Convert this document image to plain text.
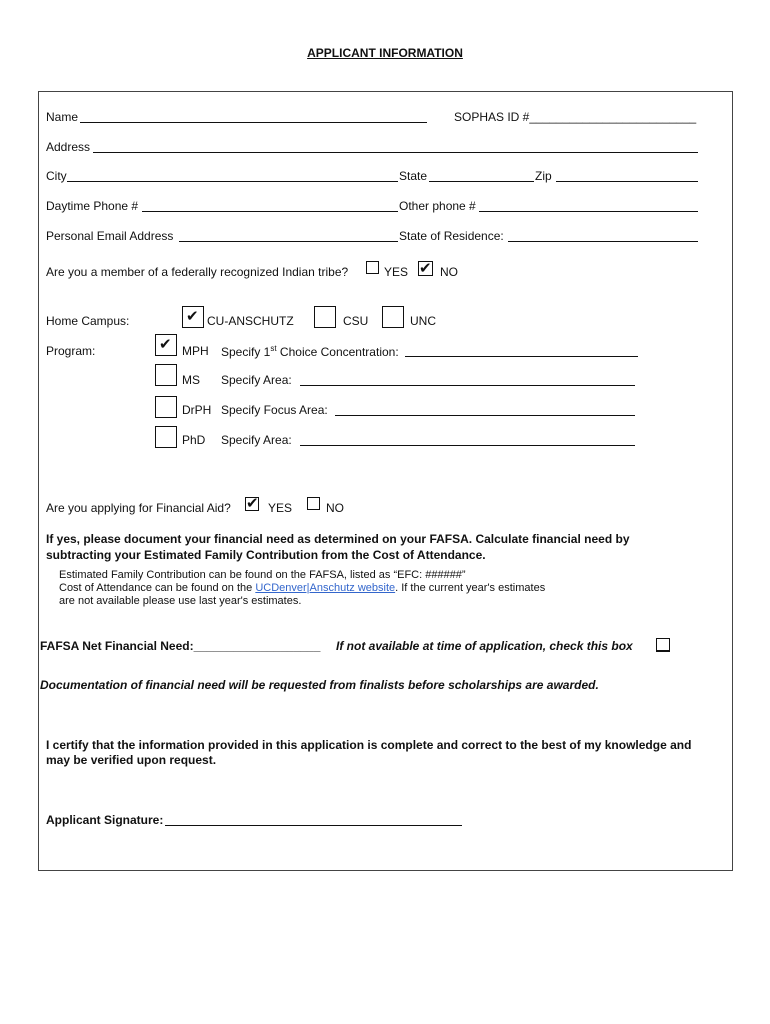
APPLICANT INFORMATION
Name	SOPHAS ID #_________________________
Address
City	State	Zip
Daytime Phone #	Other phone #
Personal Email Address	State of Residence:
Are you a member of a federally recognized Indian tribe?	YES ✔ NO
Home Campus:	✔ CU-ANSCHUTZ	CSU	UNC
Program:	✔ MPH Specify 1st Choice Concentration:
MS Specify Area:
DrPH Specify Focus Area:
PhD Specify Area:
Are you applying for Financial Aid? ✔ YES	NO
If yes, please document your financial need as determined on your FAFSA. Calculate financial need by
subtracting your Estimated Family Contribution from the Cost of Attendance.
Estimated Family Contribution can be found on the FAFSA, listed as “EFC: ######”
Cost of Attendance can be found on the UCDenver|Anschutz website. If the current year's estimates
are not available please use last year's estimates.
FAFSA Net Financial Need:___________________ If not available at time of application, check this box
Documentation of financial need will be requested from finalists before scholarships are awarded.
I certify that the information provided in this application is complete and correct to the best of my knowledge and
may be verified upon request.
Applicant Signature:
